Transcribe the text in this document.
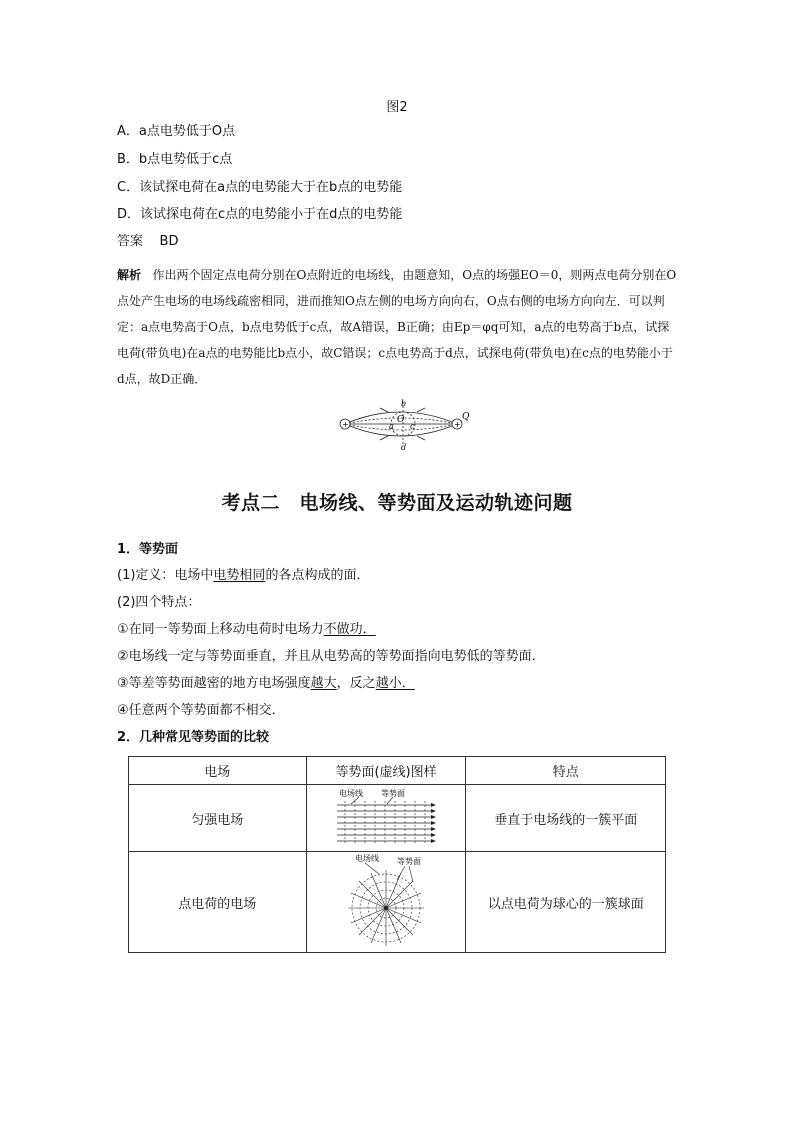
图2
A．a点电势低于O点
B．b点电势低于c点
C．该试探电荷在a点的电势能大于在b点的电势能
D．该试探电荷在c点的电势能小于在d点的电势能
答案 BD
解析 作出两个固定点电荷分别在O点附近的电场线，由题意知，O点的场强EO＝0，则两点电荷分别在O点处产生电场的电场线疏密相同，进而推知O点左侧的电场方向向右，O点右侧的电场方向向左．可以判定：a点电势高于O点，b点电势低于c点，故A错误，B正确；由Ep＝φq可知，a点的电势高于b点，试探电荷(带负电)在a点的电势能比b点小，故C错误；c点电势高于d点，试探电荷(带负电)在c点的电势能小于d点，故D正确．
+	+
b
O
a c
d
Q
考点二　电场线、等势面及运动轨迹问题
1．等势面
(1)定义：电场中电势相同的各点构成的面．
(2)四个特点：
①在同一等势面上移动电荷时电场力不做功．
②电场线一定与等势面垂直，并且从电势高的等势面指向电势低的等势面．
③等差等势面越密的地方电场强度越大，反之越小．
④任意两个等势面都不相交．
2．几种常见等势面的比较
电场	等势面(虚线)图样	特点
匀强电场	电场线 等势面	垂直于电场线的一簇平面
点电荷的电场	电场线 等势面	以点电荷为球心的一簇球面
